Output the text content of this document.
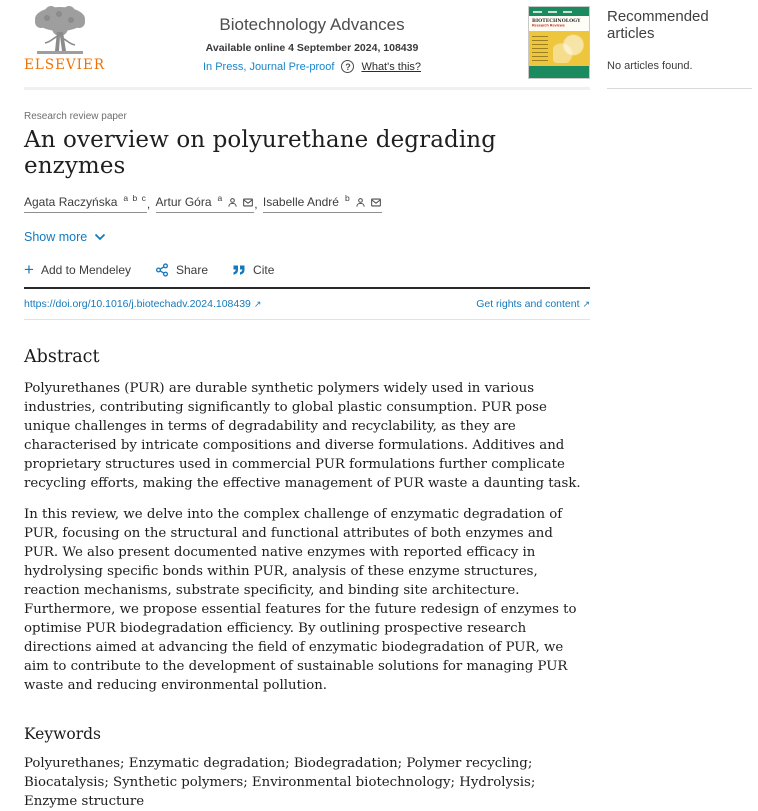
ELSEVIER
Biotechnology Advances
Available online 4 September 2024, 108439
In Press, Journal Pre-proof	? What's this?
BIOTECHNOLOGY
Research Reviews
Research review paper
An overview on polyurethane degrading enzymes
Agata Raczyńska a b c
, Artur Góra a
,	Isabelle André b
Show more
+ Add to Mendeley	Share	Cite
https://doi.org/10.1016/j.biotechadv.2024.108439 ↗	Get rights and content ↗
Abstract

Polyurethanes (PUR) are durable synthetic polymers widely used in various industries, contributing significantly to global plastic consumption. PUR pose unique challenges in terms of degradability and recyclability, as they are characterised by intricate compositions and diverse formulations. Additives and proprietary structures used in commercial PUR formulations further complicate recycling efforts, making the effective management of PUR waste a daunting task.

In this review, we delve into the complex challenge of enzymatic degradation of PUR, focusing on the structural and functional attributes of both enzymes and PUR. We also present documented native enzymes with reported efficacy in hydrolysing specific bonds within PUR, analysis of these enzyme structures, reaction mechanisms, substrate specificity, and binding site architecture. Furthermore, we propose essential features for the future redesign of enzymes to optimise PUR biodegradation efficiency. By outlining prospective research directions aimed at advancing the field of enzymatic biodegradation of PUR, we aim to contribute to the development of sustainable solutions for managing PUR waste and reducing environmental pollution.

Keywords

Polyurethanes; Enzymatic degradation; Biodegradation; Polymer recycling; Biocatalysis; Synthetic polymers; Environmental biotechnology; Hydrolysis; Enzyme structure

Recommended articles
No articles found.
